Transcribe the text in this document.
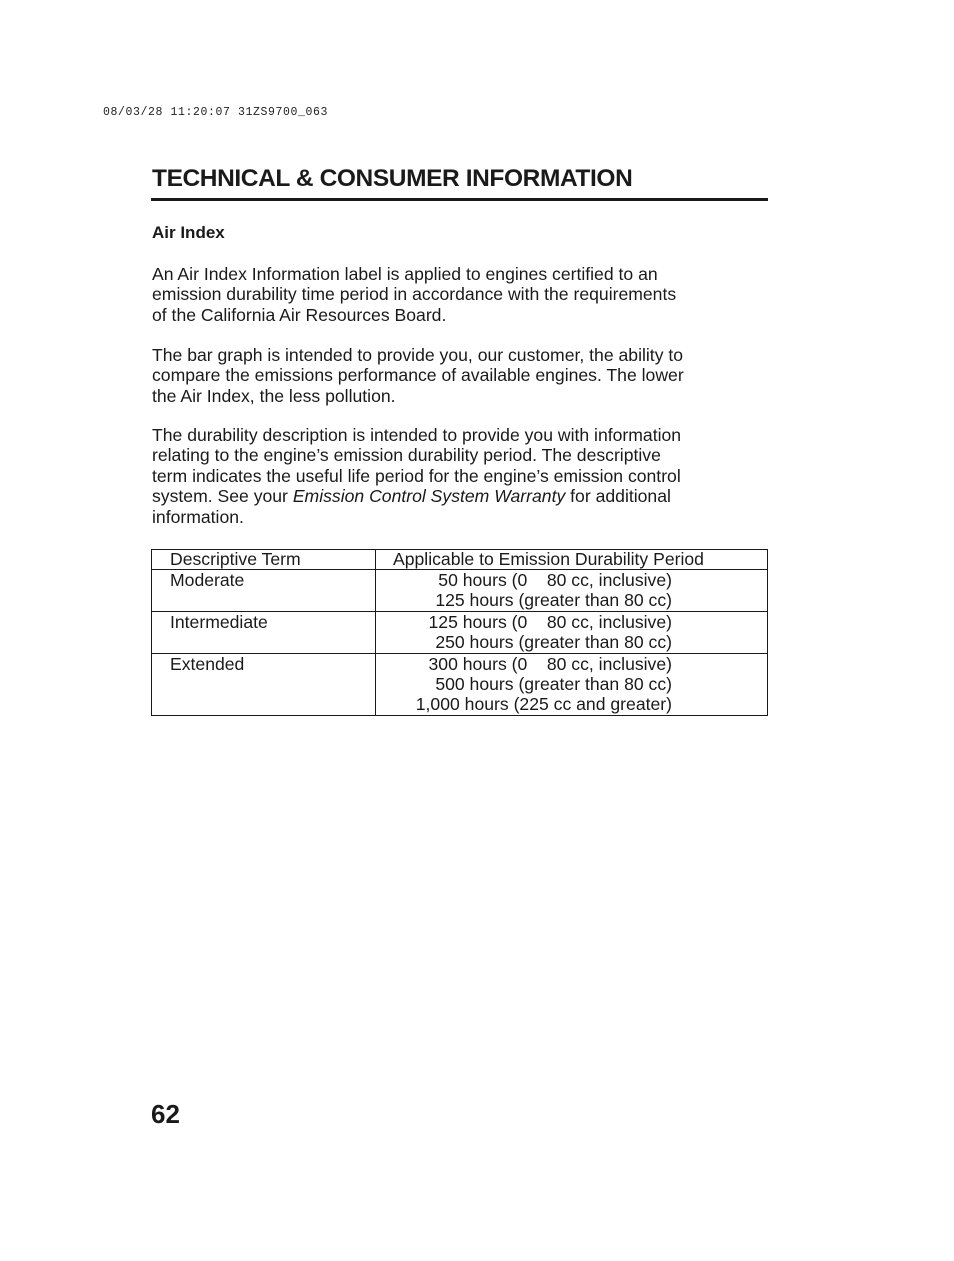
08/03/28 11:20:07 31ZS9700_063
TECHNICAL & CONSUMER INFORMATION
Air Index
An Air Index Information label is applied to engines certified to an
emission durability time period in accordance with the requirements
of the California Air Resources Board.
The bar graph is intended to provide you, our customer, the ability to
compare the emissions performance of available engines. The lower
the Air Index, the less pollution.
The durability description is intended to provide you with information
relating to the engine’s emission durability period. The descriptive
term indicates the useful life period for the engine’s emission control
system. See your Emission Control System Warranty for additional
information.
Descriptive Term	Applicable to Emission Durability Period

Moderate	50 hours (0    80 cc, inclusive)
125 hours (greater than 80 cc)

Intermediate	125 hours (0    80 cc, inclusive)
250 hours (greater than 80 cc)

Extended	300 hours (0    80 cc, inclusive)
500 hours (greater than 80 cc)
1,000 hours (225 cc and greater)
62
